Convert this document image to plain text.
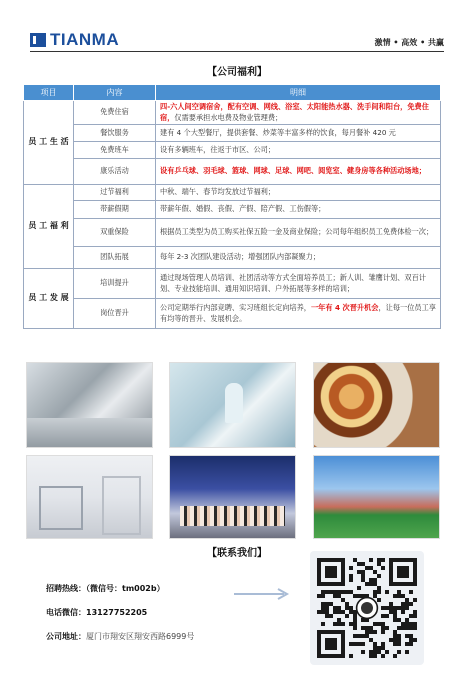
TIANMA	激情 • 高效 • 共赢
【公司福利】
项目	内容	明细
员 工 生 活	免费住宿	四-六人间空调宿舍，配有空调、网线、浴室、太阳能热水器、洗手间和阳台，免费住宿，仅需要承担水电费及物业管理费；
	餐饮服务	建有 4 个大型餐厅，提供套餐、炒菜等丰富多样的饮食，每月餐补 420 元
	免费班车	设有多辆班车，往返于市区、公司；
	康乐活动	设有乒乓球、羽毛球、篮球、网球、足球、网吧、阅览室、健身房等各种活动场地；
员 工 福 利	过节福利	中秋、端午、春节均发放过节福利；
	带薪假期	带薪年假、婚假、丧假、产假、陪产假、工伤假等；
	双重保险	根据员工类型为员工购买社保五险一金及商业保险；公司每年组织员工免费体检一次；
	团队拓展	每年 2-3 次团队建设活动；增强团队内部凝聚力；
员 工 发 展	培训提升	通过现场管理人员培训、社团活动等方式全面培养员工；新人训、雏鹰计划、双百计划、专业技能培训、通用知识培训、户外拓展等多样的培训；
	岗位晋升	公司定期举行内部竞聘、实习班组长定向培养，一年有 4 次晋升机会，让每一位员工享有均等的晋升、发展机会。
【联系我们】
招聘热线：（微信号：tm002b）
电话微信：13127752205
公司地址：厦门市翔安区翔安西路6999号
